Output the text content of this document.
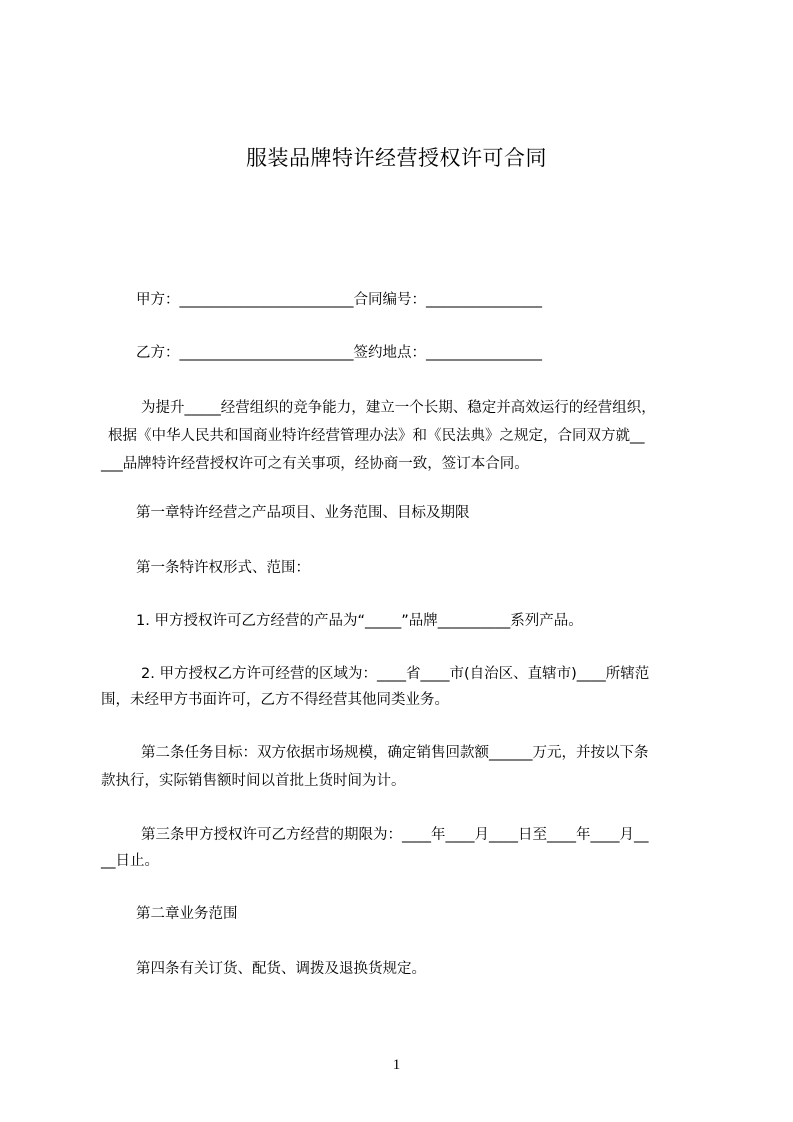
服装品牌特许经营授权许可合同
甲方：________________________合同编号：________________
乙方：________________________签约地点：________________
为提升_____经营组织的竞争能力，建立一个长期、稳定并高效运行的经营组织，
根据《中华人民共和国商业特许经营管理办法》和《民法典》之规定，合同双方就__
___品牌特许经营授权许可之有关事项，经协商一致，签订本合同。
第一章特许经营之产品项目、业务范围、目标及期限
第一条特许权形式、范围：
1. 甲方授权许可乙方经营的产品为“_____”品牌__________系列产品。
2. 甲方授权乙方许可经营的区域为：____省____市(自治区、直辖市)____所辖范
围，未经甲方书面许可，乙方不得经营其他同类业务。
第二条任务目标：双方依据市场规模，确定销售回款额______万元，并按以下条
款执行，实际销售额时间以首批上货时间为计。
第三条甲方授权许可乙方经营的期限为：____年____月____日至____年____月__
__日止。
第二章业务范围
第四条有关订货、配货、调拨及退换货规定。
1
